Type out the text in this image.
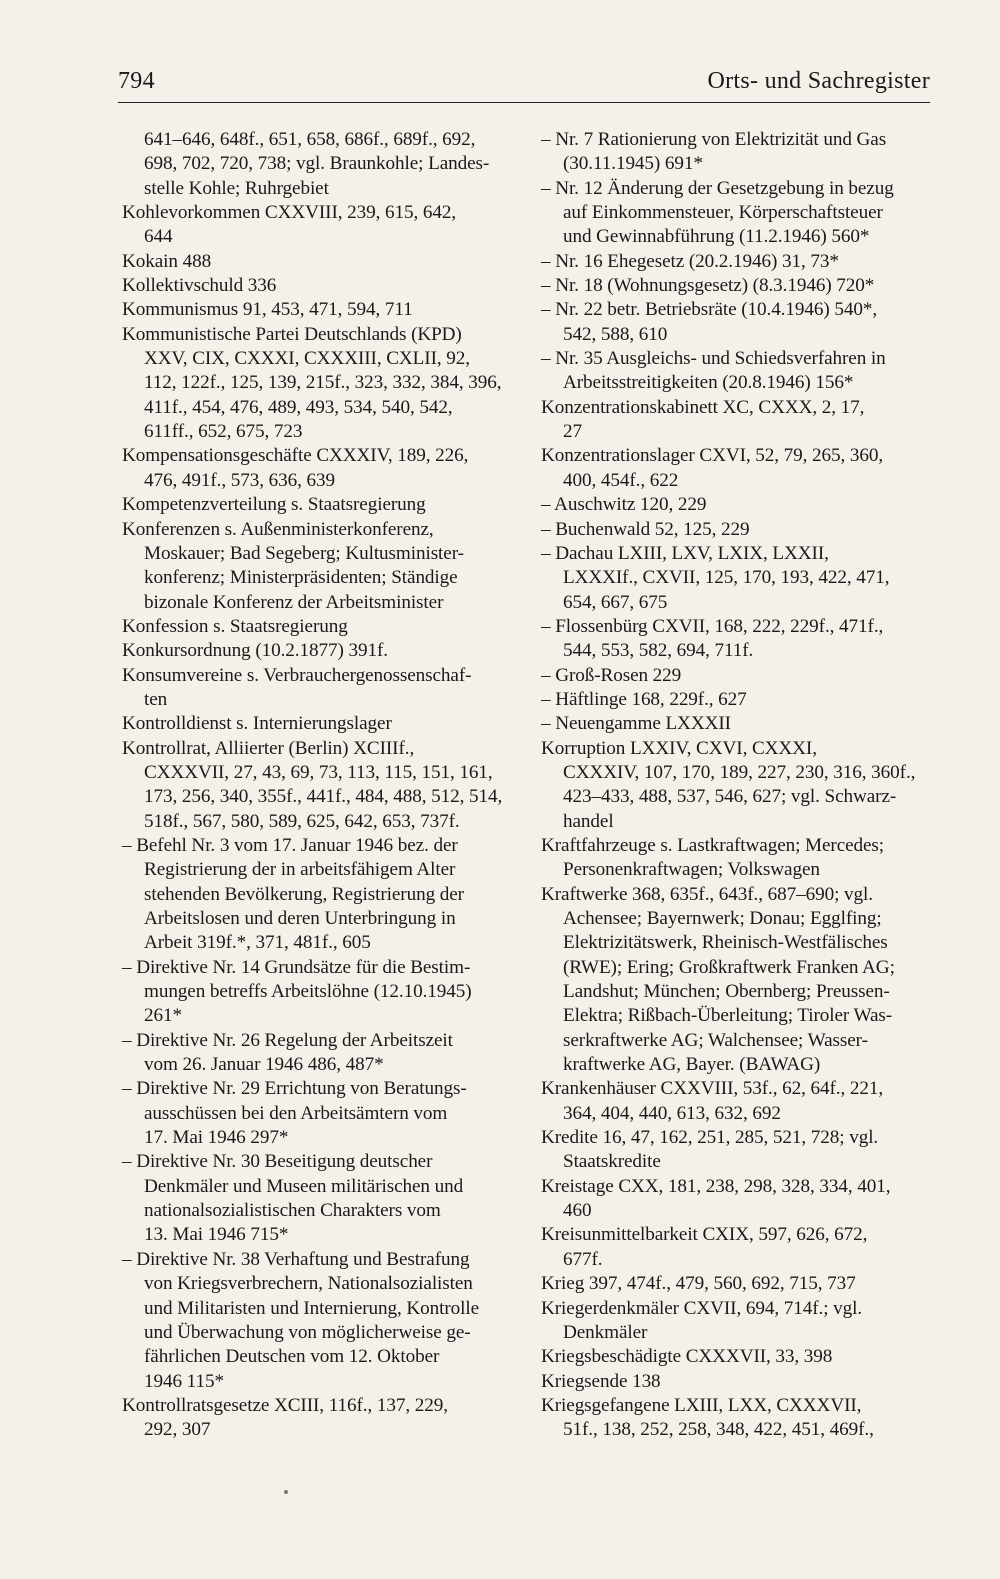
794	Orts- und Sachregister
641–646, 648f., 651, 658, 686f., 689f., 692,
698, 702, 720, 738; vgl. Braunkohle; Landes-
stelle Kohle; Ruhrgebiet
Kohlevorkommen CXXVIII, 239, 615, 642,
644
Kokain 488
Kollektivschuld 336
Kommunismus 91, 453, 471, 594, 711
Kommunistische Partei Deutschlands (KPD)
XXV, CIX, CXXXI, CXXXIII, CXLII, 92,
112, 122f., 125, 139, 215f., 323, 332, 384, 396,
411f., 454, 476, 489, 493, 534, 540, 542,
611ff., 652, 675, 723
Kompensationsgeschäfte CXXXIV, 189, 226,
476, 491f., 573, 636, 639
Kompetenzverteilung s. Staatsregierung
Konferenzen s. Außenministerkonferenz,
Moskauer; Bad Segeberg; Kultusminister-
konferenz; Ministerpräsidenten; Ständige
bizonale Konferenz der Arbeitsminister
Konfession s. Staatsregierung
Konkursordnung (10.2.1877) 391f.
Konsumvereine s. Verbrauchergenossenschaf-
ten
Kontrolldienst s. Internierungslager
Kontrollrat, Alliierter (Berlin) XCIIIf.,
CXXXVII, 27, 43, 69, 73, 113, 115, 151, 161,
173, 256, 340, 355f., 441f., 484, 488, 512, 514,
518f., 567, 580, 589, 625, 642, 653, 737f.
– Befehl Nr. 3 vom 17. Januar 1946 bez. der
Registrierung der in arbeitsfähigem Alter
stehenden Bevölkerung, Registrierung der
Arbeitslosen und deren Unterbringung in
Arbeit 319f.*, 371, 481f., 605
– Direktive Nr. 14 Grundsätze für die Bestim-
mungen betreffs Arbeitslöhne (12.10.1945)
261*
– Direktive Nr. 26 Regelung der Arbeitszeit
vom 26. Januar 1946 486, 487*
– Direktive Nr. 29 Errichtung von Beratungs-
ausschüssen bei den Arbeitsämtern vom
17. Mai 1946 297*
– Direktive Nr. 30 Beseitigung deutscher
Denkmäler und Museen militärischen und
nationalsozialistischen Charakters vom
13. Mai 1946 715*
– Direktive Nr. 38 Verhaftung und Bestrafung
von Kriegsverbrechern, Nationalsozialisten
und Militaristen und Internierung, Kontrolle
und Überwachung von möglicherweise ge-
fährlichen Deutschen vom 12. Oktober
1946 115*
Kontrollratsgesetze XCIII, 116f., 137, 229,
292, 307
– Nr. 7 Rationierung von Elektrizität und Gas
(30.11.1945) 691*
– Nr. 12 Änderung der Gesetzgebung in bezug
auf Einkommensteuer, Körperschaftsteuer
und Gewinnabführung (11.2.1946) 560*
– Nr. 16 Ehegesetz (20.2.1946) 31, 73*
– Nr. 18 (Wohnungsgesetz) (8.3.1946) 720*
– Nr. 22 betr. Betriebsräte (10.4.1946) 540*,
542, 588, 610
– Nr. 35 Ausgleichs- und Schiedsverfahren in
Arbeitsstreitigkeiten (20.8.1946) 156*
Konzentrationskabinett XC, CXXX, 2, 17,
27
Konzentrationslager CXVI, 52, 79, 265, 360,
400, 454f., 622
– Auschwitz 120, 229
– Buchenwald 52, 125, 229
– Dachau LXIII, LXV, LXIX, LXXII,
LXXXIf., CXVII, 125, 170, 193, 422, 471,
654, 667, 675
– Flossenbürg CXVII, 168, 222, 229f., 471f.,
544, 553, 582, 694, 711f.
– Groß-Rosen 229
– Häftlinge 168, 229f., 627
– Neuengamme LXXXII
Korruption LXXIV, CXVI, CXXXI,
CXXXIV, 107, 170, 189, 227, 230, 316, 360f.,
423–433, 488, 537, 546, 627; vgl. Schwarz-
handel
Kraftfahrzeuge s. Lastkraftwagen; Mercedes;
Personenkraftwagen; Volkswagen
Kraftwerke 368, 635f., 643f., 687–690; vgl.
Achensee; Bayernwerk; Donau; Egglfing;
Elektrizitätswerk, Rheinisch-Westfälisches
(RWE); Ering; Großkraftwerk Franken AG;
Landshut; München; Obernberg; Preussen-
Elektra; Rißbach-Überleitung; Tiroler Was-
serkraftwerke AG; Walchensee; Wasser-
kraftwerke AG, Bayer. (BAWAG)
Krankenhäuser CXXVIII, 53f., 62, 64f., 221,
364, 404, 440, 613, 632, 692
Kredite 16, 47, 162, 251, 285, 521, 728; vgl.
Staatskredite
Kreistage CXX, 181, 238, 298, 328, 334, 401,
460
Kreisunmittelbarkeit CXIX, 597, 626, 672,
677f.
Krieg 397, 474f., 479, 560, 692, 715, 737
Kriegerdenkmäler CXVII, 694, 714f.; vgl.
Denkmäler
Kriegsbeschädigte CXXXVII, 33, 398
Kriegsende 138
Kriegsgefangene LXIII, LXX, CXXXVII,
51f., 138, 252, 258, 348, 422, 451, 469f.,
